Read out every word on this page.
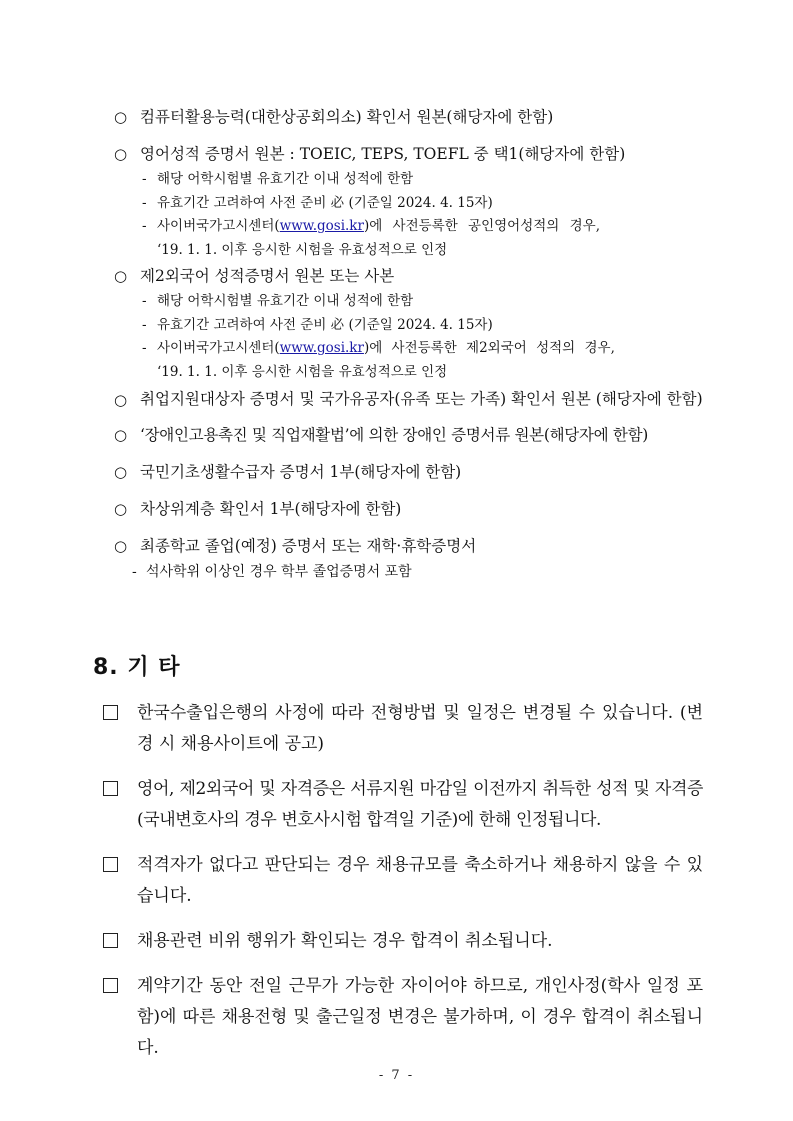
○ 컴퓨터활용능력(대한상공회의소) 확인서 원본(해당자에 한함)
○ 영어성적 증명서 원본 : TOEIC, TEPS, TOEFL 중 택1(해당자에 한함)
- 해당 어학시험별 유효기간 이내 성적에 한함
- 유효기간 고려하여 사전 준비 必 (기준일 2024. 4. 15자)
- 사이버국가고시센터(www.gosi.kr)에 사전등록한 공인영어성적의 경우,
‘19. 1. 1. 이후 응시한 시험을 유효성적으로 인정
○ 제2외국어 성적증명서 원본 또는 사본
- 해당 어학시험별 유효기간 이내 성적에 한함
- 유효기간 고려하여 사전 준비 必 (기준일 2024. 4. 15자)
- 사이버국가고시센터(www.gosi.kr)에 사전등록한 제2외국어 성적의 경우,
‘19. 1. 1. 이후 응시한 시험을 유효성적으로 인정
○ 취업지원대상자 증명서 및 국가유공자(유족 또는 가족) 확인서 원본 (해당자에 한함)
○ ‘장애인고용촉진 및 직업재활법’에 의한 장애인 증명서류 원본(해당자에 한함)
○ 국민기초생활수급자 증명서 1부(해당자에 한함)
○ 차상위계층 확인서 1부(해당자에 한함)
○ 최종학교 졸업(예정) 증명서 또는 재학·휴학증명서
- 석사학위 이상인 경우 학부 졸업증명서 포함
8. 기 타
한국수출입은행의 사정에 따라 전형방법 및 일정은 변경될 수 있습니다. (변경 시 채용사이트에 공고)
영어, 제2외국어 및 자격증은 서류지원 마감일 이전까지 취득한 성적 및 자격증(국내변호사의 경우 변호사시험 합격일 기준)에 한해 인정됩니다.
적격자가 없다고 판단되는 경우 채용규모를 축소하거나 채용하지 않을 수 있습니다.
채용관련 비위 행위가 확인되는 경우 합격이 취소됩니다.
계약기간 동안 전일 근무가 가능한 자이어야 하므로, 개인사정(학사 일정 포함)에 따른 채용전형 및 출근일정 변경은 불가하며, 이 경우 합격이 취소됩니다.
- 7 -
